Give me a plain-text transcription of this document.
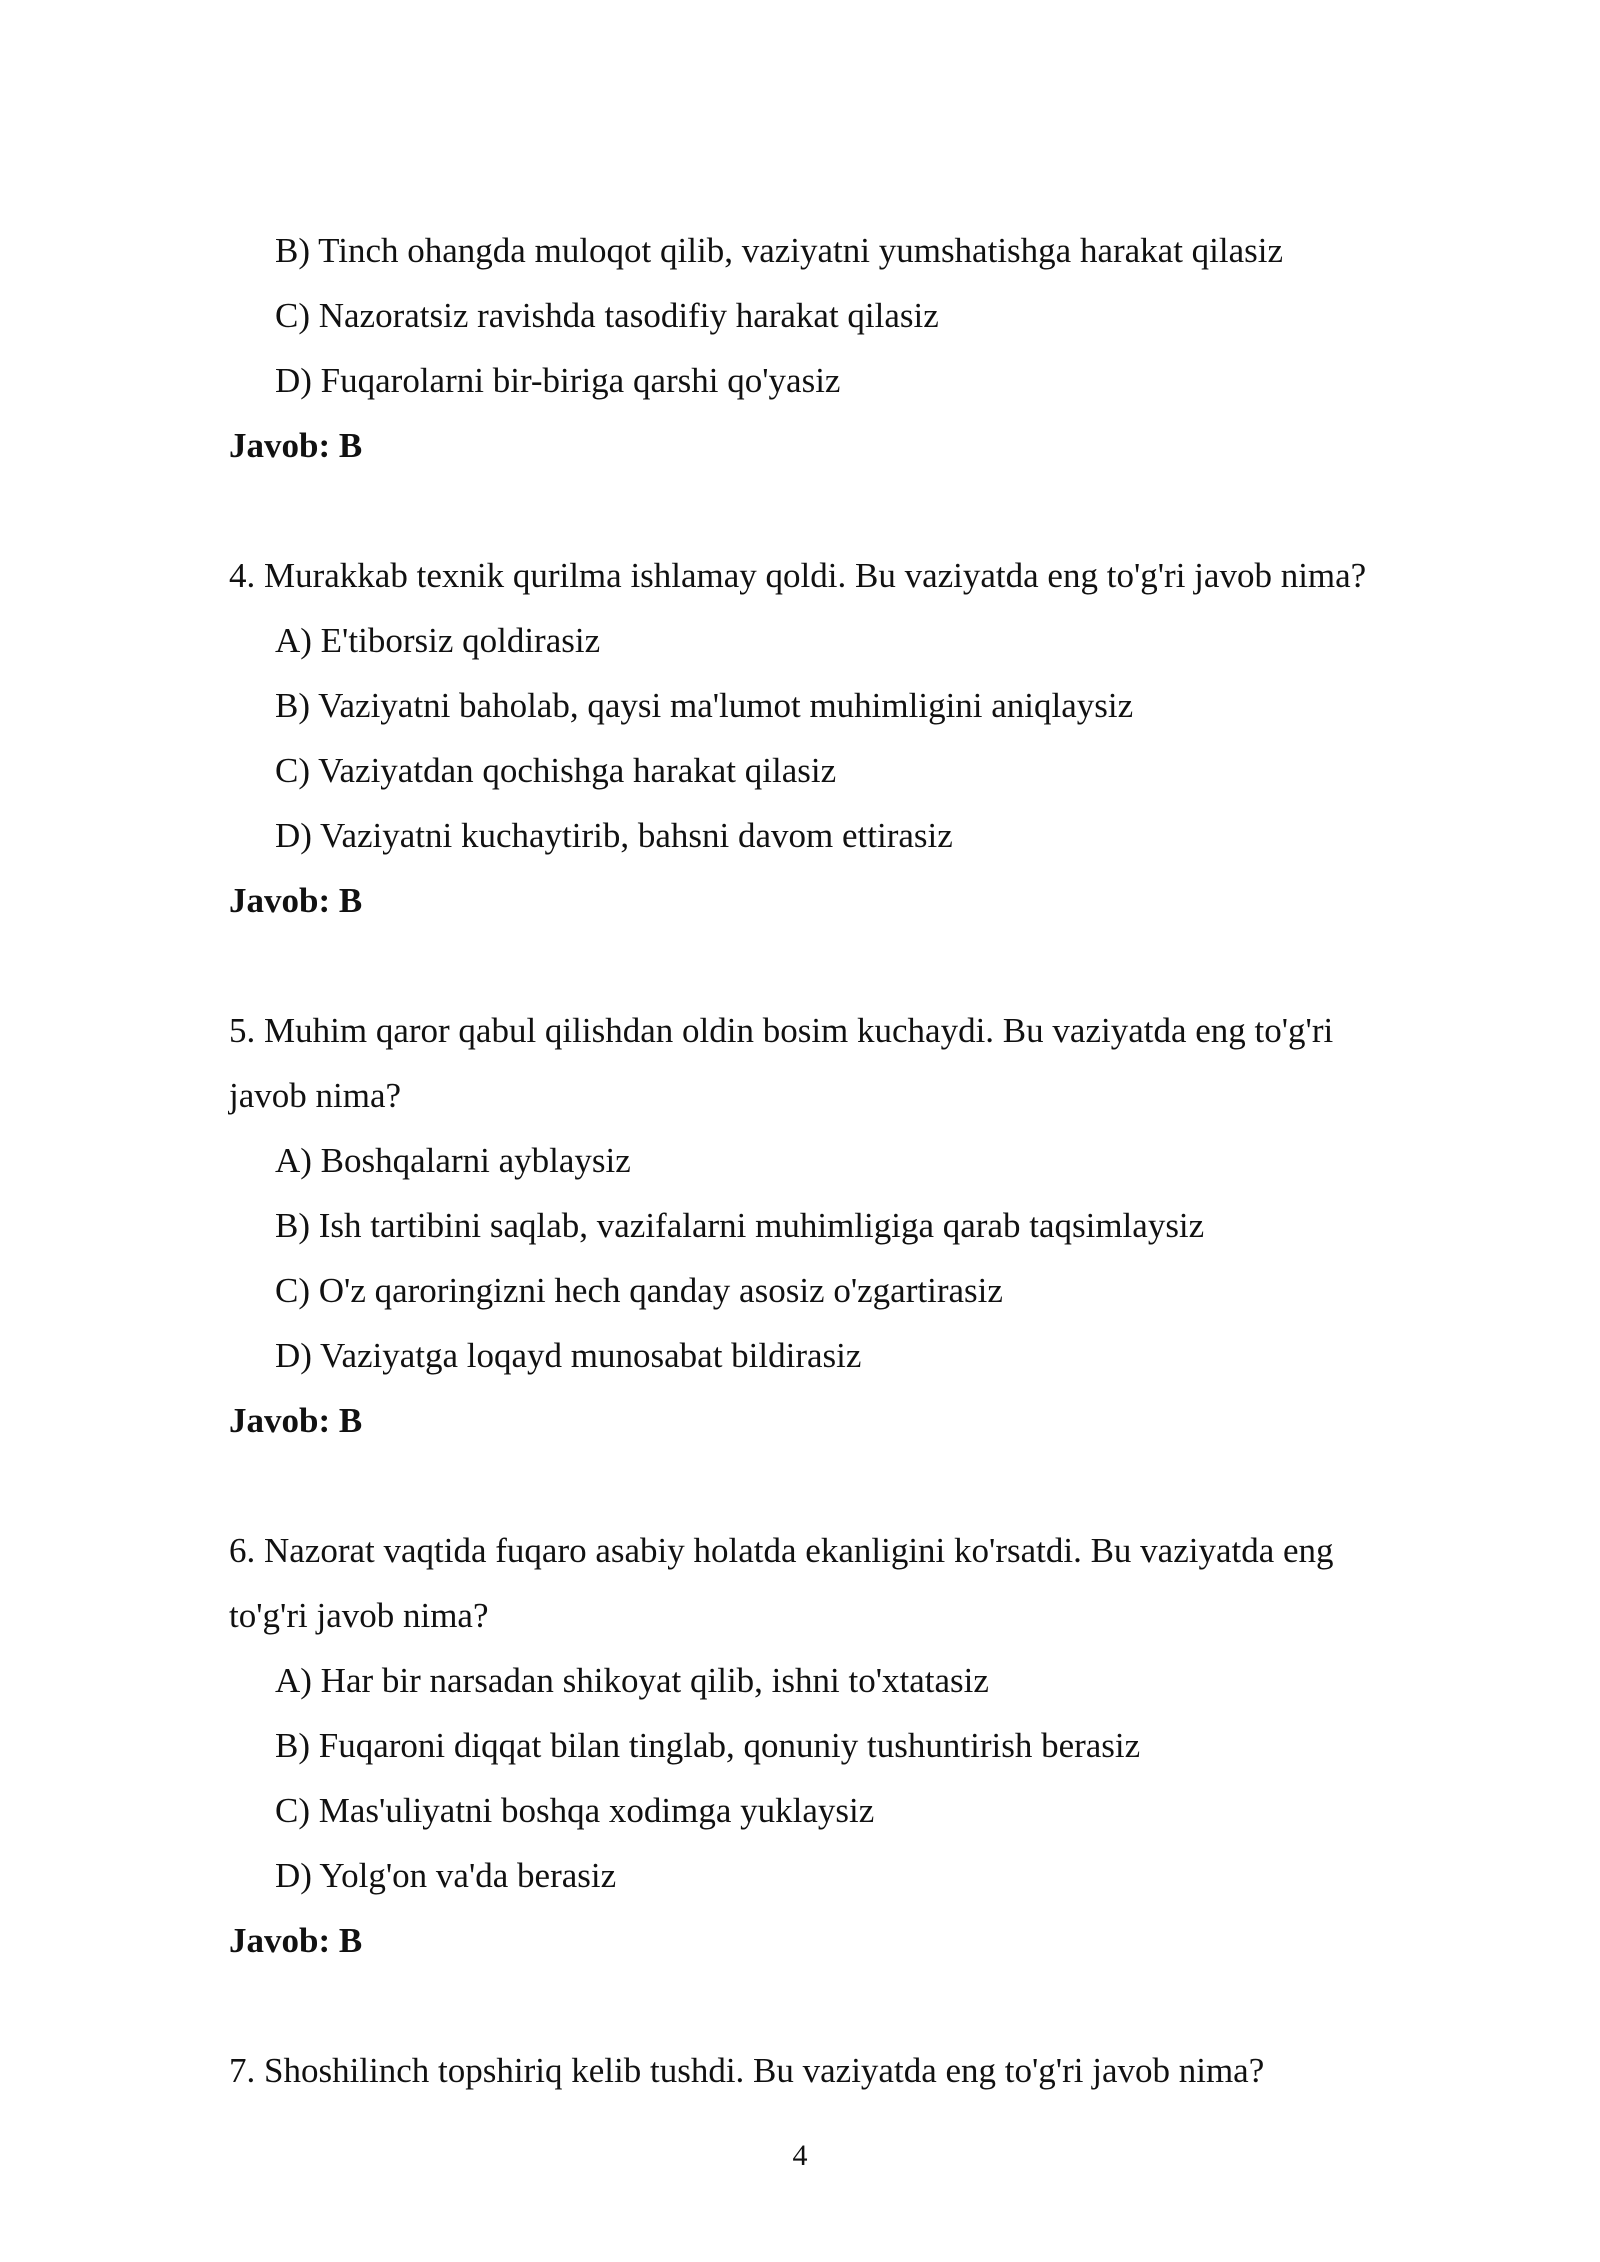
B) Tinch ohangda muloqot qilib, vaziyatni yumshatishga harakat qilasiz
C) Nazoratsiz ravishda tasodifiy harakat qilasiz
D) Fuqarolarni bir-biriga qarshi qo'yasiz
Javob: B
4. Murakkab texnik qurilma ishlamay qoldi. Bu vaziyatda eng to'g'ri javob nima?
A) E'tiborsiz qoldirasiz
B) Vaziyatni baholab, qaysi ma'lumot muhimligini aniqlaysiz
C) Vaziyatdan qochishga harakat qilasiz
D) Vaziyatni kuchaytirib, bahsni davom ettirasiz
Javob: B
5. Muhim qaror qabul qilishdan oldin bosim kuchaydi. Bu vaziyatda eng to'g'ri
javob nima?
A) Boshqalarni ayblaysiz
B) Ish tartibini saqlab, vazifalarni muhimligiga qarab taqsimlaysiz
C) O'z qaroringizni hech qanday asosiz o'zgartirasiz
D) Vaziyatga loqayd munosabat bildirasiz
Javob: B
6. Nazorat vaqtida fuqaro asabiy holatda ekanligini ko'rsatdi. Bu vaziyatda eng
to'g'ri javob nima?
A) Har bir narsadan shikoyat qilib, ishni to'xtatasiz
B) Fuqaroni diqqat bilan tinglab, qonuniy tushuntirish berasiz
C) Mas'uliyatni boshqa xodimga yuklaysiz
D) Yolg'on va'da berasiz
Javob: B
7. Shoshilinch topshiriq kelib tushdi. Bu vaziyatda eng to'g'ri javob nima?
4
